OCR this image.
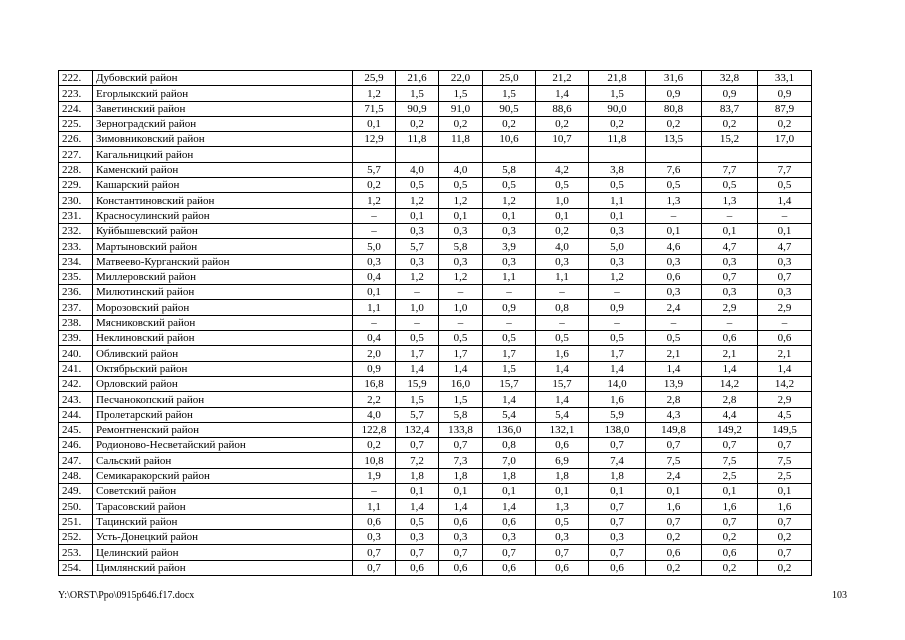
222.	Дубовский район	25,9	21,6	22,0	25,0	21,2	21,8	31,6	32,8	33,1
223.	Егорлыкский район	1,2	1,5	1,5	1,5	1,4	1,5	0,9	0,9	0,9
224.	Заветинский район	71,5	90,9	91,0	90,5	88,6	90,0	80,8	83,7	87,9
225.	Зерноградский район	0,1	0,2	0,2	0,2	0,2	0,2	0,2	0,2	0,2
226.	Зимовниковский район	12,9	11,8	11,8	10,6	10,7	11,8	13,5	15,2	17,0
227.	Кагальницкий район									
228.	Каменский район	5,7	4,0	4,0	5,8	4,2	3,8	7,6	7,7	7,7
229.	Кашарский район	0,2	0,5	0,5	0,5	0,5	0,5	0,5	0,5	0,5
230.	Константиновский район	1,2	1,2	1,2	1,2	1,0	1,1	1,3	1,3	1,4
231.	Красносулинский район	–	0,1	0,1	0,1	0,1	0,1	–	–	–
232.	Куйбышевский район	–	0,3	0,3	0,3	0,2	0,3	0,1	0,1	0,1
233.	Мартыновский район	5,0	5,7	5,8	3,9	4,0	5,0	4,6	4,7	4,7
234.	Матвеево-Курганский район	0,3	0,3	0,3	0,3	0,3	0,3	0,3	0,3	0,3
235.	Миллеровский район	0,4	1,2	1,2	1,1	1,1	1,2	0,6	0,7	0,7
236.	Милютинский район	0,1	–	–	–	–	–	0,3	0,3	0,3
237.	Морозовский район	1,1	1,0	1,0	0,9	0,8	0,9	2,4	2,9	2,9
238.	Мясниковский район	–	–	–	–	–	–	–	–	–
239.	Неклиновский район	0,4	0,5	0,5	0,5	0,5	0,5	0,5	0,6	0,6
240.	Обливский район	2,0	1,7	1,7	1,7	1,6	1,7	2,1	2,1	2,1
241.	Октябрьский район	0,9	1,4	1,4	1,5	1,4	1,4	1,4	1,4	1,4
242.	Орловский район	16,8	15,9	16,0	15,7	15,7	14,0	13,9	14,2	14,2
243.	Песчанокопский район	2,2	1,5	1,5	1,4	1,4	1,6	2,8	2,8	2,9
244.	Пролетарский район	4,0	5,7	5,8	5,4	5,4	5,9	4,3	4,4	4,5
245.	Ремонтненский район	122,8	132,4	133,8	136,0	132,1	138,0	149,8	149,2	149,5
246.	Родионово-Несветайский район	0,2	0,7	0,7	0,8	0,6	0,7	0,7	0,7	0,7
247.	Сальский район	10,8	7,2	7,3	7,0	6,9	7,4	7,5	7,5	7,5
248.	Семикаракорский район	1,9	1,8	1,8	1,8	1,8	1,8	2,4	2,5	2,5
249.	Советский район	–	0,1	0,1	0,1	0,1	0,1	0,1	0,1	0,1
250.	Тарасовский район	1,1	1,4	1,4	1,4	1,3	0,7	1,6	1,6	1,6
251.	Тацинский район	0,6	0,5	0,6	0,6	0,5	0,7	0,7	0,7	0,7
252.	Усть-Донецкий район	0,3	0,3	0,3	0,3	0,3	0,3	0,2	0,2	0,2
253.	Целинский район	0,7	0,7	0,7	0,7	0,7	0,7	0,6	0,6	0,7
254.	Цимлянский район	0,7	0,6	0,6	0,6	0,6	0,6	0,2	0,2	0,2
Y:\ORST\Ppo\0915p646.f17.docx	103
